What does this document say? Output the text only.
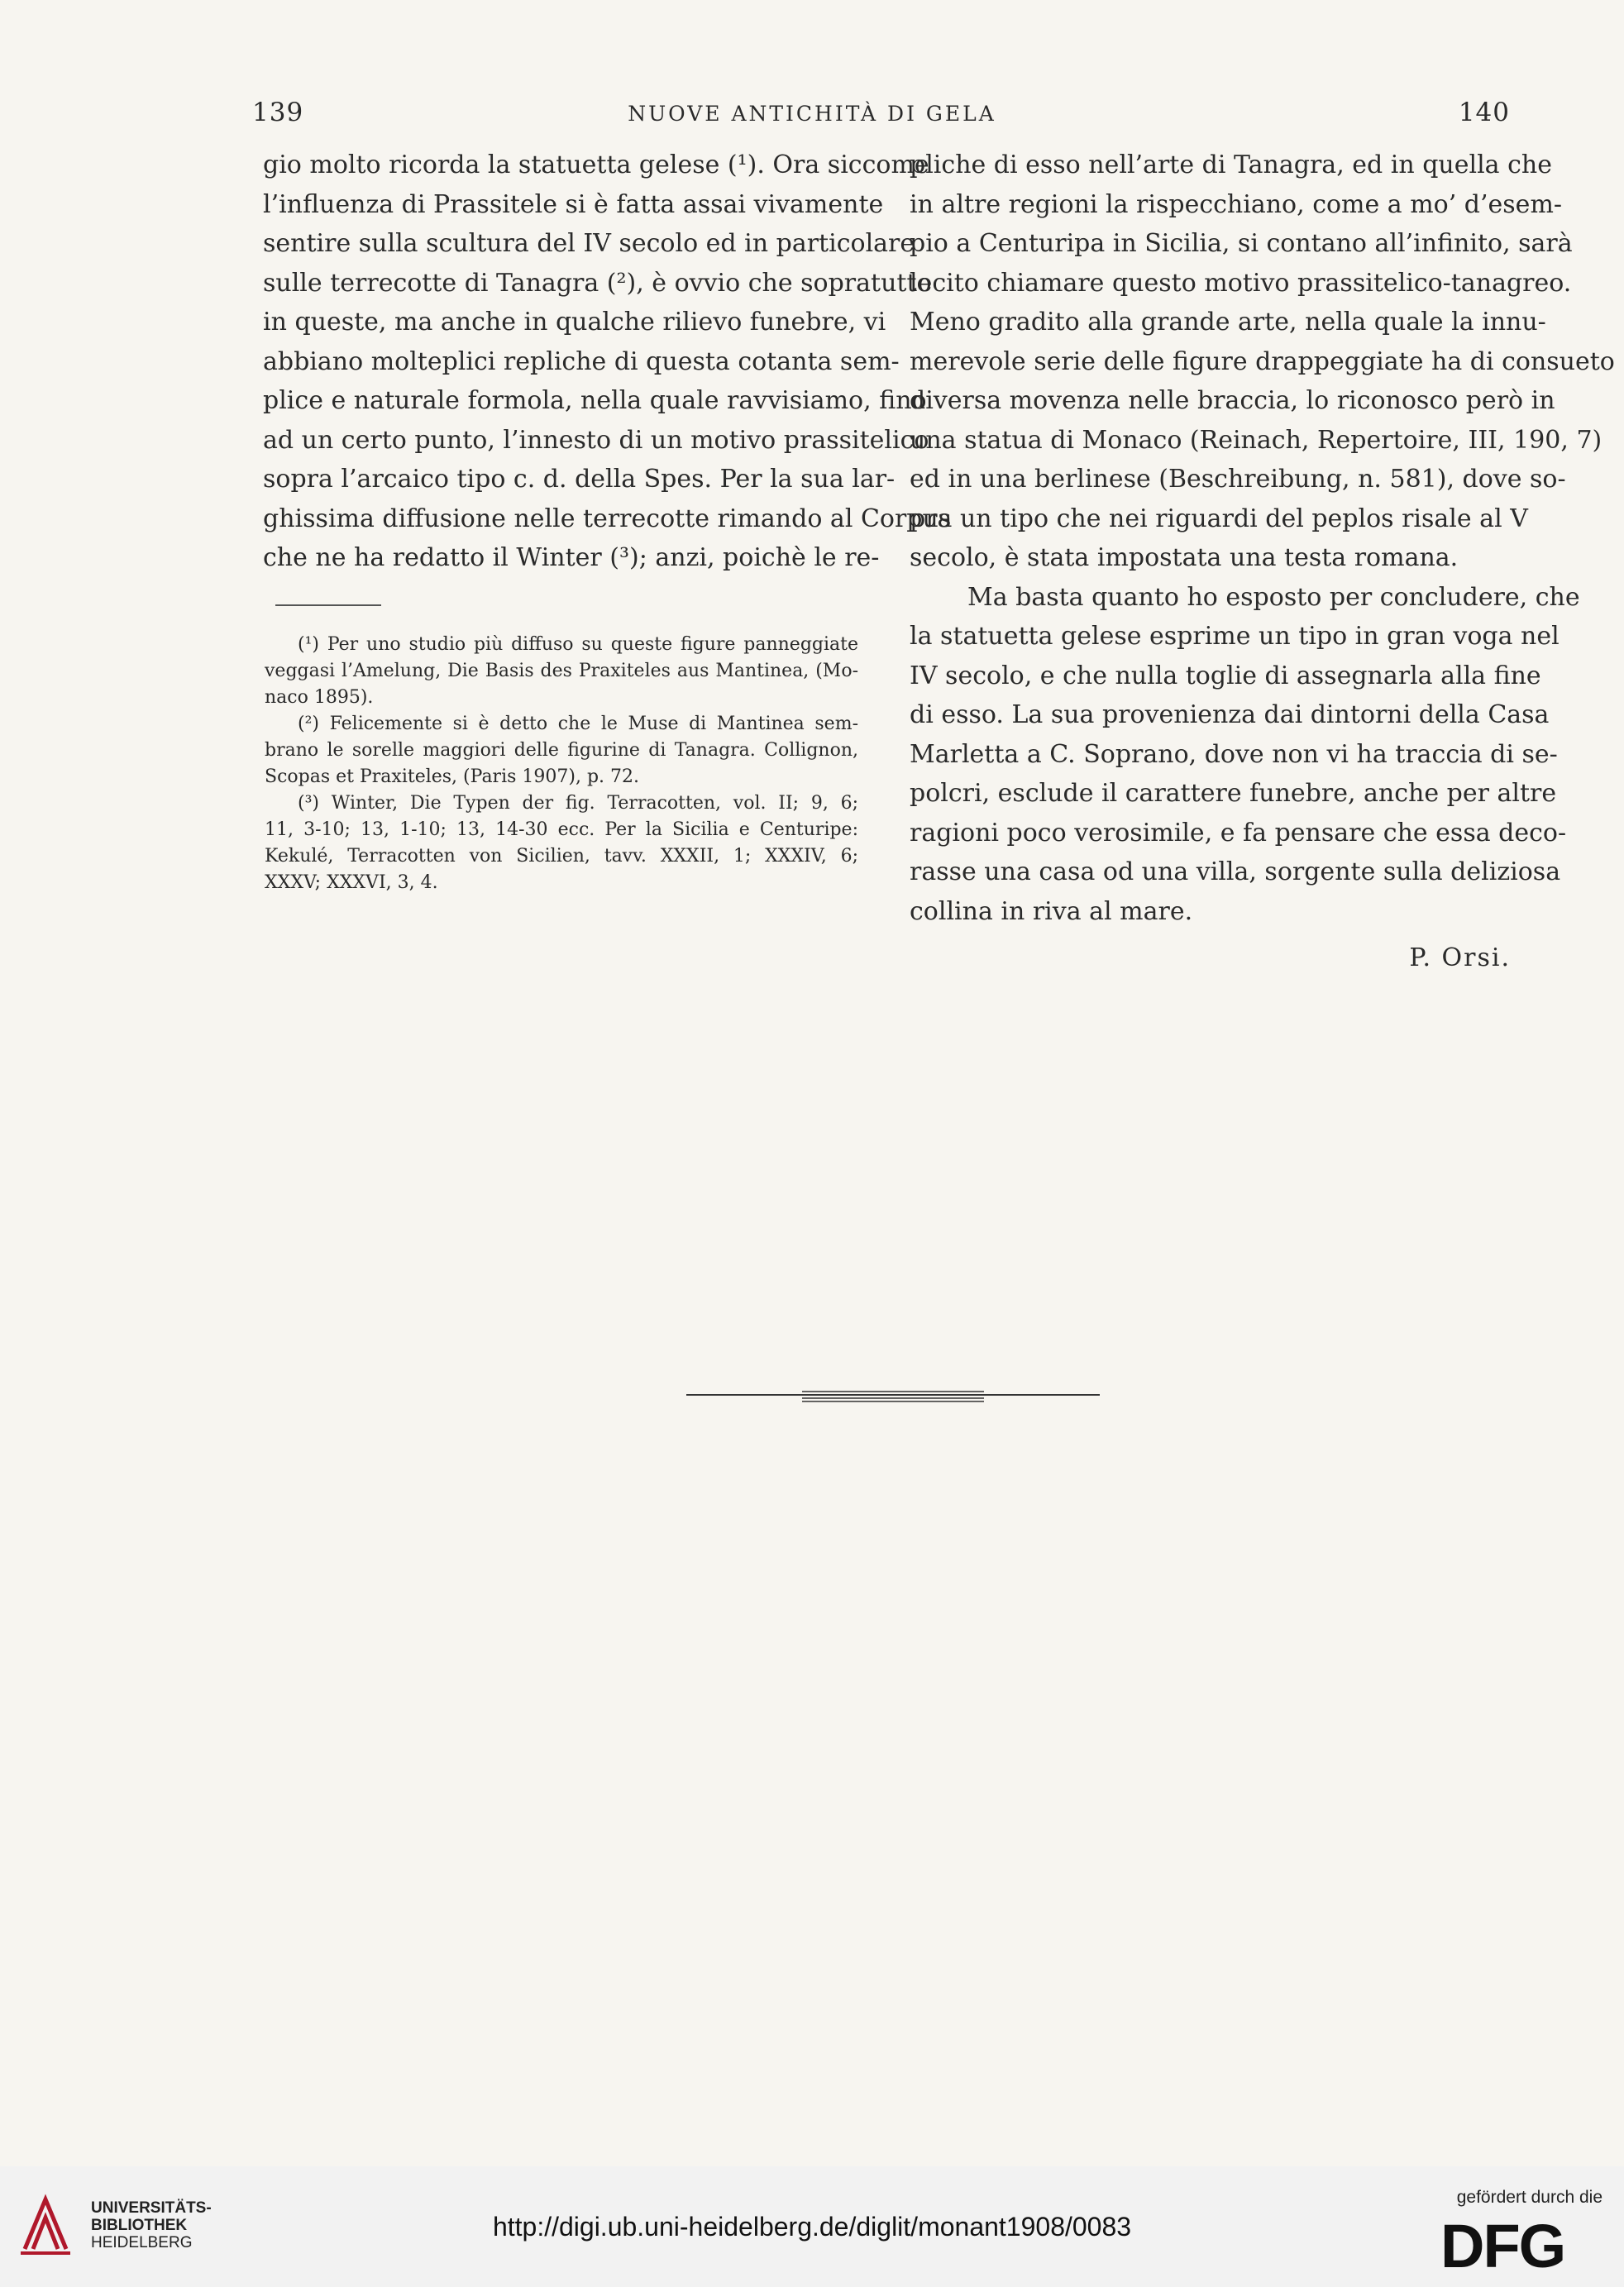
139	NUOVE ANTICHITÀ DI GELA	140
gio molto ricorda la statuetta gelese (¹). Ora siccome
l’influenza di Prassitele si è fatta assai vivamente
sentire sulla scultura del IV secolo ed in particolare
sulle terrecotte di Tanagra (²), è ovvio che sopratutto
in queste, ma anche in qualche rilievo funebre, vi
abbiano molteplici repliche di questa cotanta sem-
plice e naturale formola, nella quale ravvisiamo, fino
ad un certo punto, l’innesto di un motivo prassitelico
sopra l’arcaico tipo c. d. della Spes. Per la sua lar-
ghissima diffusione nelle terrecotte rimando al Corpus
che ne ha redatto il Winter (³); anzi, poichè le re-
(¹) Per uno studio più diffuso su queste figure panneggiate
veggasi l’Amelung, Die Basis des Praxiteles aus Mantinea, (Mo-
naco 1895).
(²) Felicemente si è detto che le Muse di Mantinea sem-
brano le sorelle maggiori delle figurine di Tanagra. Collignon,
Scopas et Praxiteles, (Paris 1907), p. 72.
(³) Winter, Die Typen der fig. Terracotten, vol. II; 9, 6;
11, 3-10; 13, 1-10; 13, 14-30 ecc. Per la Sicilia e Centuripe:
Kekulé, Terracotten von Sicilien, tavv. XXXII, 1; XXXIV, 6;
XXXV; XXXVI, 3, 4.
pliche di esso nell’arte di Tanagra, ed in quella che
in altre regioni la rispecchiano, come a mo’ d’esem-
pio a Centuripa in Sicilia, si contano all’infinito, sarà
lecito chiamare questo motivo prassitelico-tanagreo.
Meno gradito alla grande arte, nella quale la innu-
merevole serie delle figure drappeggiate ha di consueto
diversa movenza nelle braccia, lo riconosco però in
una statua di Monaco (Reinach, Repertoire, III, 190, 7)
ed in una berlinese (Beschreibung, n. 581), dove so-
pra un tipo che nei riguardi del peplos risale al V
secolo, è stata impostata una testa romana.
Ma basta quanto ho esposto per concludere, che
la statuetta gelese esprime un tipo in gran voga nel
IV secolo, e che nulla toglie di assegnarla alla fine
di esso. La sua provenienza dai dintorni della Casa
Marletta a C. Soprano, dove non vi ha traccia di se-
polcri, esclude il carattere funebre, anche per altre
ragioni poco verosimile, e fa pensare che essa deco-
rasse una casa od una villa, sorgente sulla deliziosa
collina in riva al mare.
P. Orsi.
UNIVERSITÄTS-
BIBLIOTHEK
HEIDELBERG
http://digi.ub.uni-heidelberg.de/diglit/monant1908/0083
gefördert durch die
DFG
